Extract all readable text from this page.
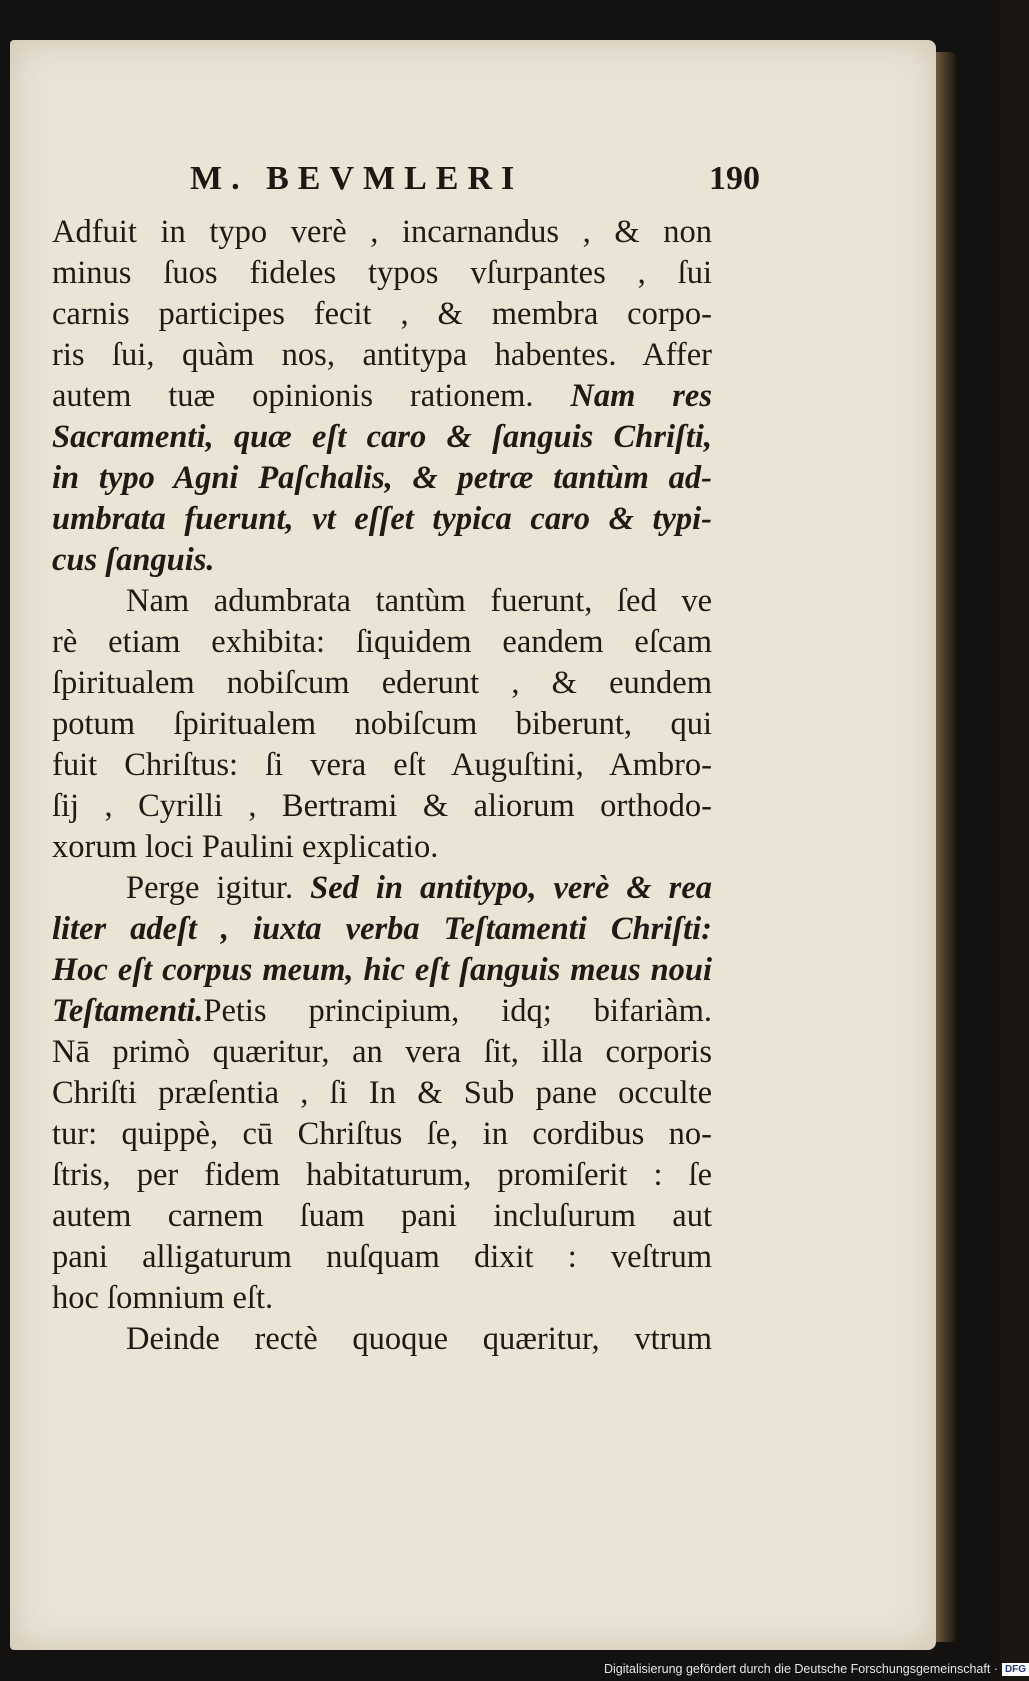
M. BEVMLERI	190
Adfuit in typo verè , incarnandus , & non
minus ſuos fideles typos vſurpantes , ſui
carnis participes fecit , & membra corpo-
ris ſui, quàm nos, antitypa habentes. Affer
autem tuæ opinionis rationem. Nam res
Sacramenti, quæ eſt caro & ſanguis Chriſti,
in typo Agni Paſchalis, & petræ tantùm ad-
umbrata fuerunt, vt eſſet typica caro & typi-
cus ſanguis.
Nam adumbrata tantùm fuerunt, ſed ve
rè etiam exhibita: ſiquidem eandem eſcam
ſpiritualem nobiſcum ederunt , & eundem
potum ſpiritualem nobiſcum biberunt, qui
fuit Chriſtus: ſi vera eſt Auguſtini, Ambro-
ſij , Cyrilli , Bertrami & aliorum orthodo-
xorum loci Paulini explicatio.
Perge igitur. Sed in antitypo, verè & rea
liter adeſt , iuxta verba Teſtamenti Chriſti:
Hoc eſt corpus meum, hic eſt ſanguis meus noui
Teſtamenti.Petis principium, idq; bifariàm.
Nā primò quæritur, an vera ſit, illa corporis
Chriſti præſentia , ſi In & Sub pane occulte
tur: quippè, cū Chriſtus ſe, in cordibus no-
ſtris, per fidem habitaturum, promiſerit : ſe
autem carnem ſuam pani incluſurum aut
pani alligaturum nuſquam dixit : veſtrum
hoc ſomnium eſt.
Deinde rectè quoque quæritur, vtrum
Digitalisierung gefördert durch die Deutsche Forschungsgemeinschaft · DFG
